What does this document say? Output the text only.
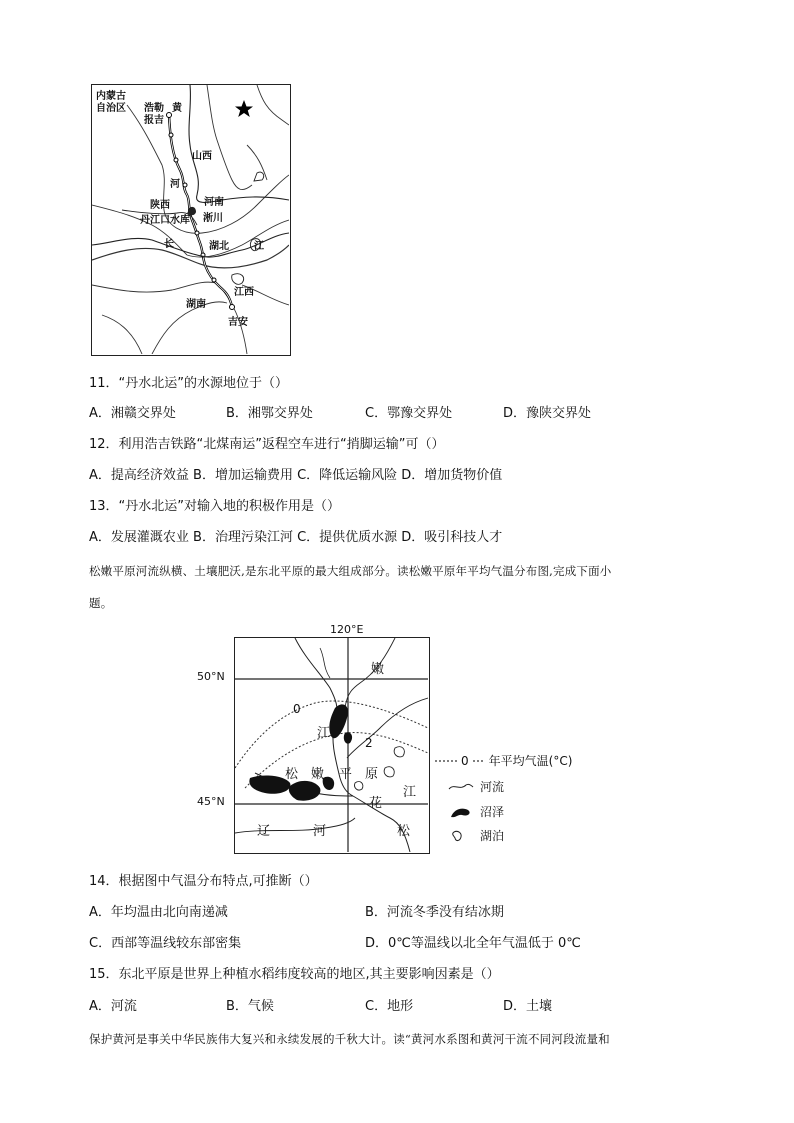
内蒙古
自治区 浩勒
报吉
黄
山西
河
陕西	河南
丹江口水库 淅川
长	湖北	江
江西
湖南
吉安
11．“丹水北运”的水源地位于（）
A．湘赣交界处	B．湘鄂交界处	C．鄂豫交界处	D．豫陕交界处
12．利用浩吉铁路“北煤南运”返程空车进行“捎脚运输”可（）
A．提高经济效益 B．增加运输费用 C．降低运输风险 D．增加货物价值
13．“丹水北运”对输入地的积极作用是（）
A．发展灌溉农业 B．治理污染江河 C．提供优质水源 D．吸引科技人才
松嫩平原河流纵横、土壤肥沃,是东北平原的最大组成部分。读松嫩平原年平均气温分布图,完成下面小
题。
120°E
50°N
45°N
嫩
0
江
2
松 嫩 平 原
江
花
辽	河	松
0 年平均气温(°C)
河流
沼泽
湖泊
14．根据图中气温分布特点,可推断（）
A．年均温由北向南递减	B．河流冬季没有结冰期
C．西部等温线较东部密集	D．0℃等温线以北全年气温低于 0℃
15．东北平原是世界上种植水稻纬度较高的地区,其主要影响因素是（）
A．河流	B．气候	C．地形	D．土壤
保护黄河是事关中华民族伟大复兴和永续发展的千秋大计。读“黄河水系图和黄河干流不同河段流量和
